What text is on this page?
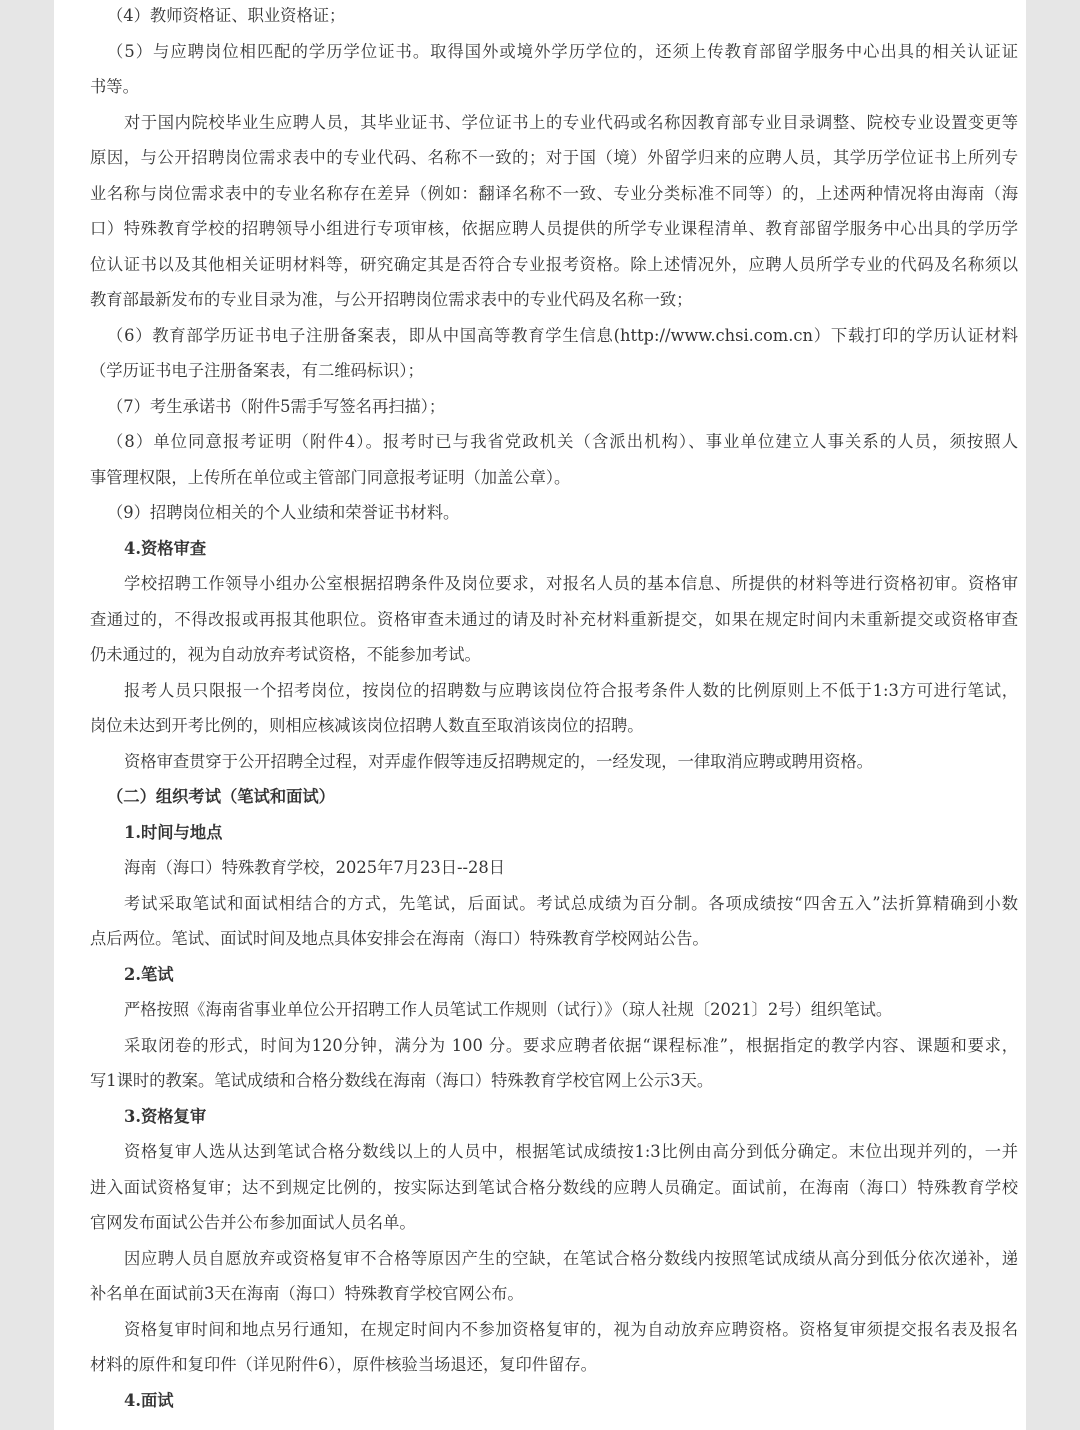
（4）教师资格证、职业资格证；
（5）与应聘岗位相匹配的学历学位证书。取得国外或境外学历学位的，还须上传教育部留学服务中心出具的相关认证证
书等。
对于国内院校毕业生应聘人员，其毕业证书、学位证书上的专业代码或名称因教育部专业目录调整、院校专业设置变更等
原因，与公开招聘岗位需求表中的专业代码、名称不一致的；对于国（境）外留学归来的应聘人员，其学历学位证书上所列专
业名称与岗位需求表中的专业名称存在差异（例如：翻译名称不一致、专业分类标准不同等）的，上述两种情况将由海南（海
口）特殊教育学校的招聘领导小组进行专项审核，依据应聘人员提供的所学专业课程清单、教育部留学服务中心出具的学历学
位认证书以及其他相关证明材料等，研究确定其是否符合专业报考资格。除上述情况外，应聘人员所学专业的代码及名称须以
教育部最新发布的专业目录为准，与公开招聘岗位需求表中的专业代码及名称一致；
（6）教育部学历证书电子注册备案表，即从中国高等教育学生信息(http://www.chsi.com.cn）下载打印的学历认证材料
（学历证书电子注册备案表，有二维码标识）；
（7）考生承诺书（附件5需手写签名再扫描）；
（8）单位同意报考证明（附件4）。报考时已与我省党政机关（含派出机构）、事业单位建立人事关系的人员，须按照人
事管理权限，上传所在单位或主管部门同意报考证明（加盖公章）。
（9）招聘岗位相关的个人业绩和荣誉证书材料。
4.资格审查
学校招聘工作领导小组办公室根据招聘条件及岗位要求，对报名人员的基本信息、所提供的材料等进行资格初审。资格审
查通过的，不得改报或再报其他职位。资格审查未通过的请及时补充材料重新提交，如果在规定时间内未重新提交或资格审查
仍未通过的，视为自动放弃考试资格，不能参加考试。
报考人员只限报一个招考岗位，按岗位的招聘数与应聘该岗位符合报考条件人数的比例原则上不低于1:3方可进行笔试，
岗位未达到开考比例的，则相应核减该岗位招聘人数直至取消该岗位的招聘。
资格审查贯穿于公开招聘全过程，对弄虚作假等违反招聘规定的，一经发现，一律取消应聘或聘用资格。
（二）组织考试（笔试和面试）
1.时间与地点
海南（海口）特殊教育学校，2025年7月23日--28日
考试采取笔试和面试相结合的方式，先笔试，后面试。考试总成绩为百分制。各项成绩按“四舍五入”法折算精确到小数
点后两位。笔试、面试时间及地点具体安排会在海南（海口）特殊教育学校网站公告。
2.笔试
严格按照《海南省事业单位公开招聘工作人员笔试工作规则（试行）》（琼人社规〔2021〕2号）组织笔试。
采取闭卷的形式，时间为120分钟，满分为 100 分。要求应聘者依据“课程标准”，根据指定的教学内容、课题和要求，
写1课时的教案。笔试成绩和合格分数线在海南（海口）特殊教育学校官网上公示3天。
3.资格复审
资格复审人选从达到笔试合格分数线以上的人员中，根据笔试成绩按1:3比例由高分到低分确定。末位出现并列的，一并
进入面试资格复审；达不到规定比例的，按实际达到笔试合格分数线的应聘人员确定。面试前，在海南（海口）特殊教育学校
官网发布面试公告并公布参加面试人员名单。
因应聘人员自愿放弃或资格复审不合格等原因产生的空缺，在笔试合格分数线内按照笔试成绩从高分到低分依次递补，递
补名单在面试前3天在海南（海口）特殊教育学校官网公布。
资格复审时间和地点另行通知，在规定时间内不参加资格复审的，视为自动放弃应聘资格。资格复审须提交报名表及报名
材料的原件和复印件（详见附件6），原件核验当场退还，复印件留存。
4.面试
